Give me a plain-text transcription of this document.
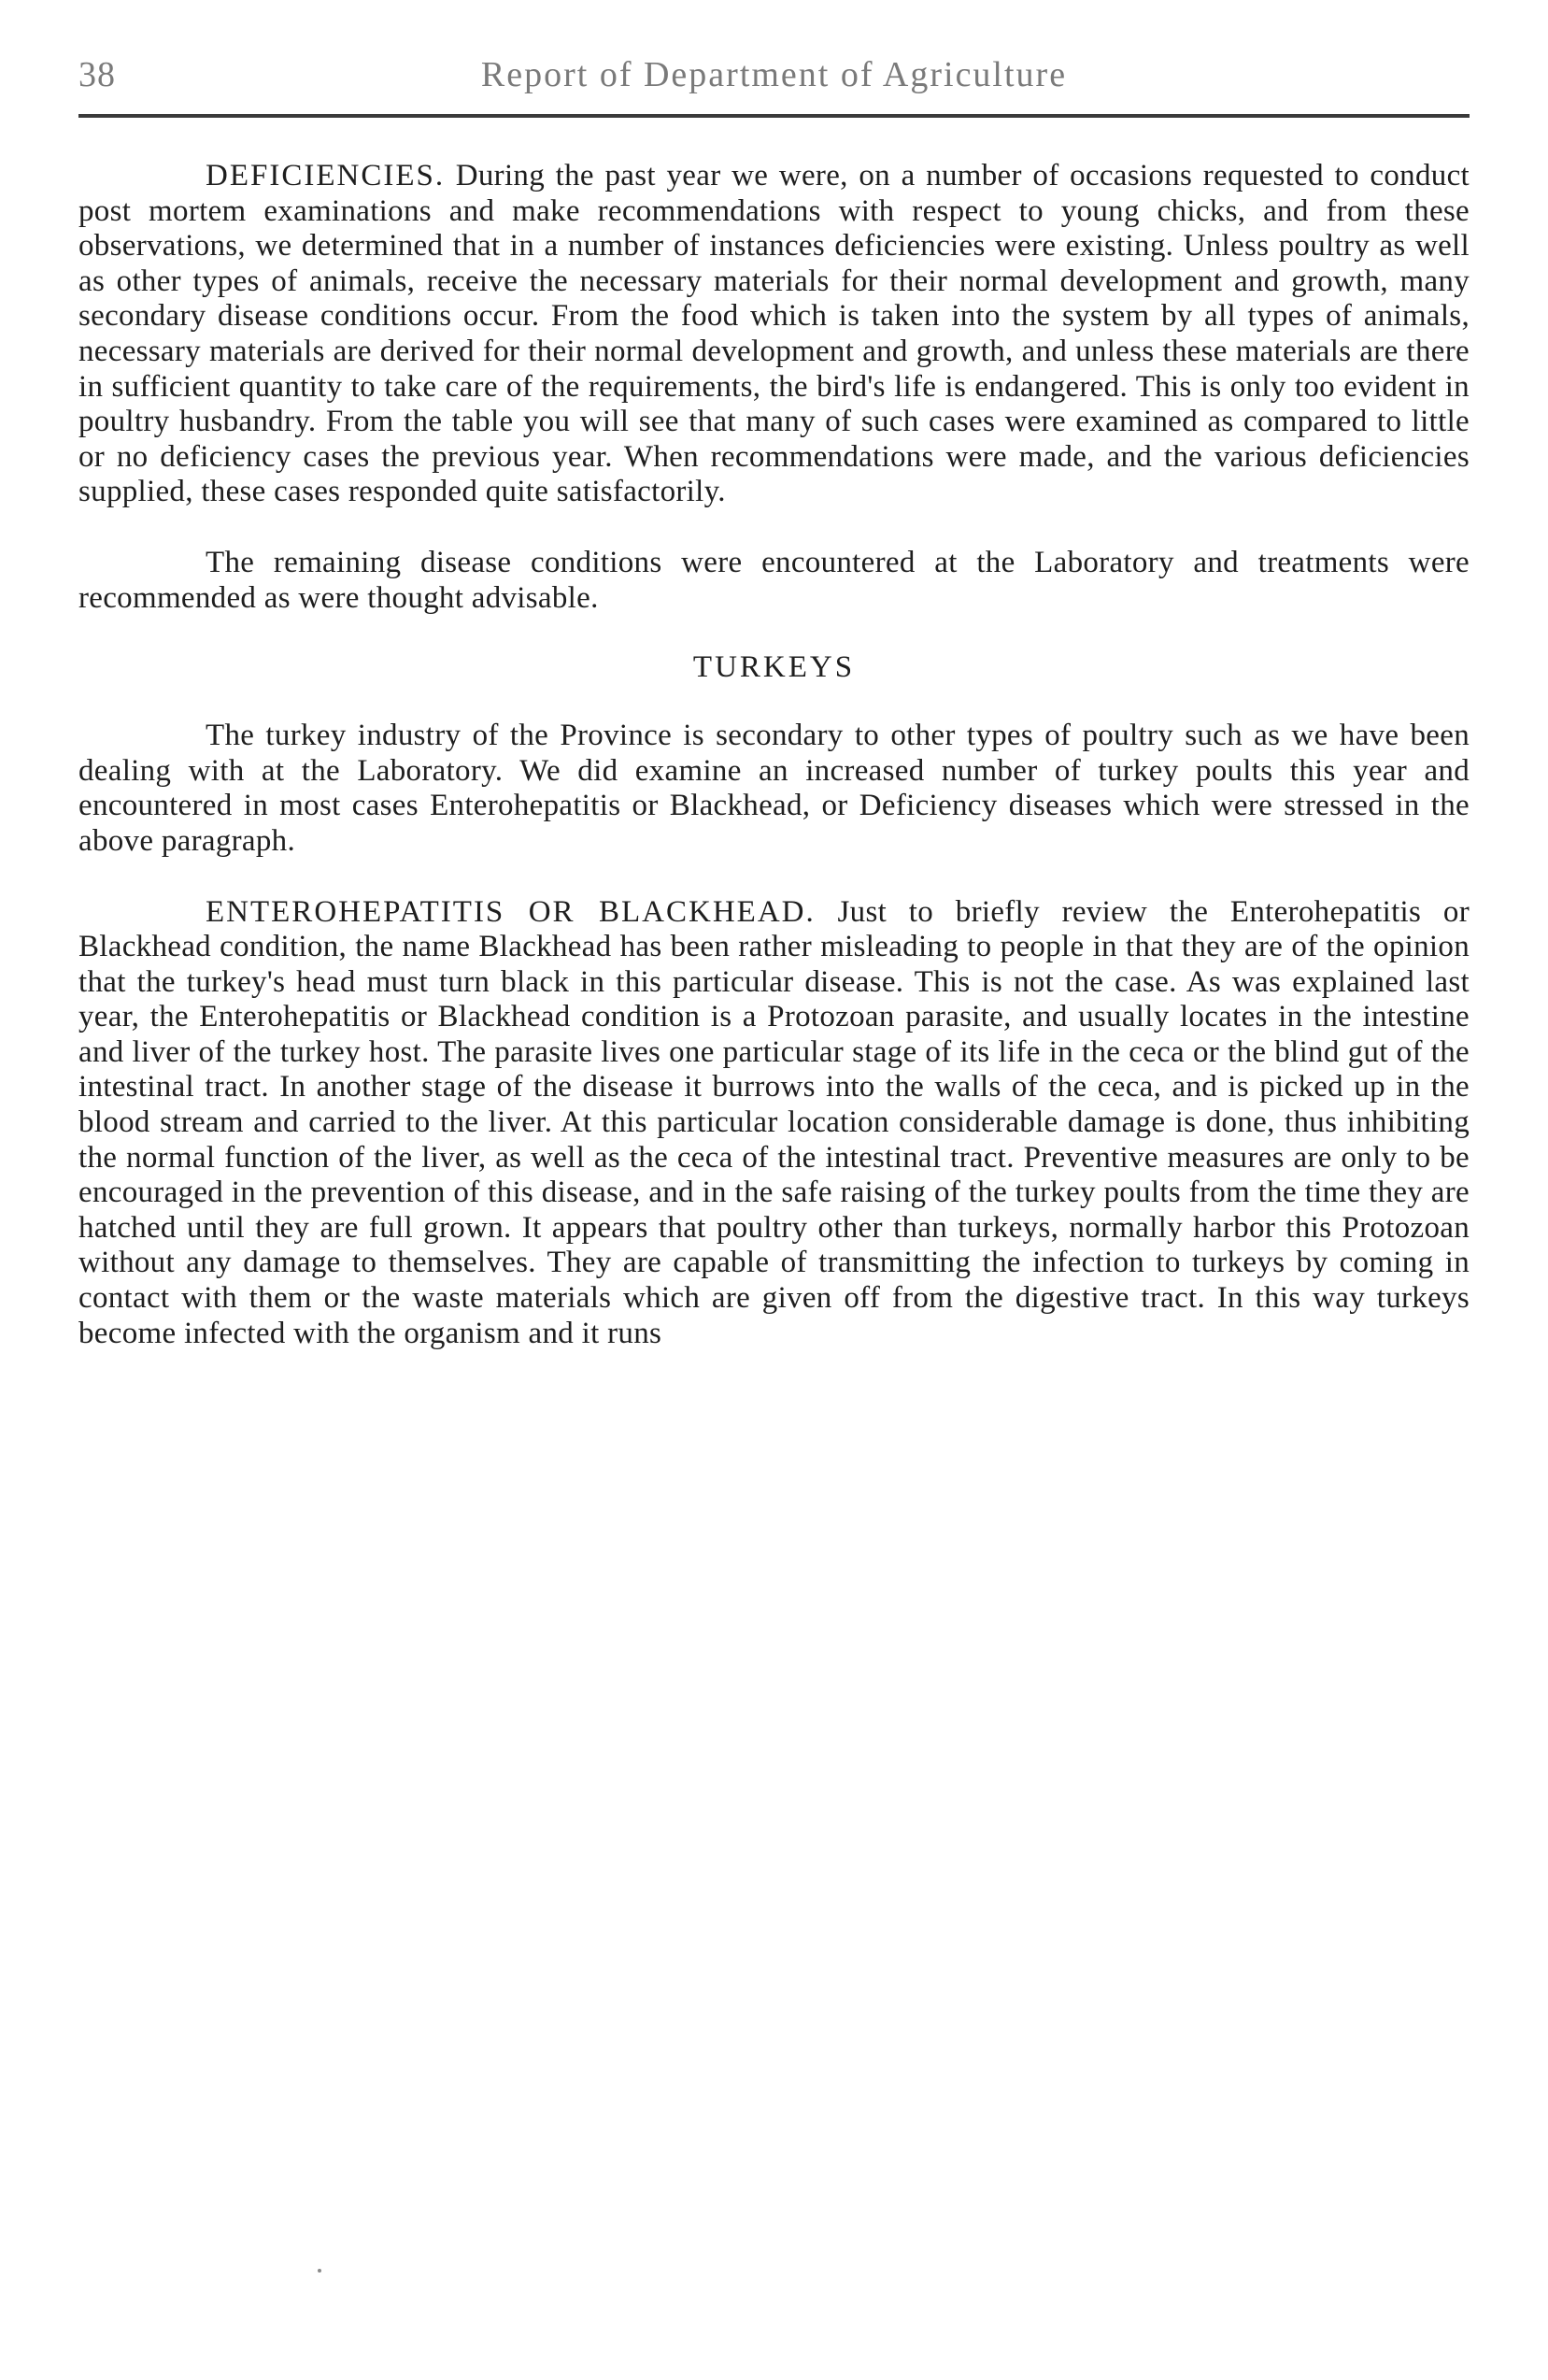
38	Report of Department of Agriculture

DEFICIENCIES. During the past year we were, on a number of occasions requested to conduct post mortem examinations and make recommendations with respect to young chicks, and from these observations, we determined that in a number of instances deficiencies were existing. Unless poultry as well as other types of animals, receive the necessary materials for their normal development and growth, many secondary disease conditions occur. From the food which is taken into the system by all types of animals, necessary materials are derived for their normal development and growth, and unless these materials are there in sufficient quantity to take care of the requirements, the bird's life is endangered. This is only too evident in poultry husbandry. From the table you will see that many of such cases were examined as compared to little or no deficiency cases the previous year. When recommendations were made, and the various deficiencies supplied, these cases responded quite satisfactorily.

The remaining disease conditions were encountered at the Laboratory and treatments were recommended as were thought advisable.

TURKEYS

The turkey industry of the Province is secondary to other types of poultry such as we have been dealing with at the Laboratory. We did examine an increased number of turkey poults this year and encountered in most cases Enterohepatitis or Blackhead, or Deficiency diseases which were stressed in the above paragraph.

ENTEROHEPATITIS OR BLACKHEAD. Just to briefly review the Enterohepatitis or Blackhead condition, the name Blackhead has been rather misleading to people in that they are of the opinion that the turkey's head must turn black in this particular disease. This is not the case. As was explained last year, the Enterohepatitis or Blackhead condition is a Protozoan parasite, and usually locates in the intestine and liver of the turkey host. The parasite lives one particular stage of its life in the ceca or the blind gut of the intestinal tract. In another stage of the disease it burrows into the walls of the ceca, and is picked up in the blood stream and carried to the liver. At this particular location considerable damage is done, thus inhibiting the normal function of the liver, as well as the ceca of the intestinal tract. Preventive measures are only to be encouraged in the prevention of this disease, and in the safe raising of the turkey poults from the time they are hatched until they are full grown. It appears that poultry other than turkeys, normally harbor this Protozoan without any damage to themselves. They are capable of transmitting the infection to turkeys by coming in contact with them or the waste materials which are given off from the digestive tract. In this way turkeys become infected with the organism and it runs
